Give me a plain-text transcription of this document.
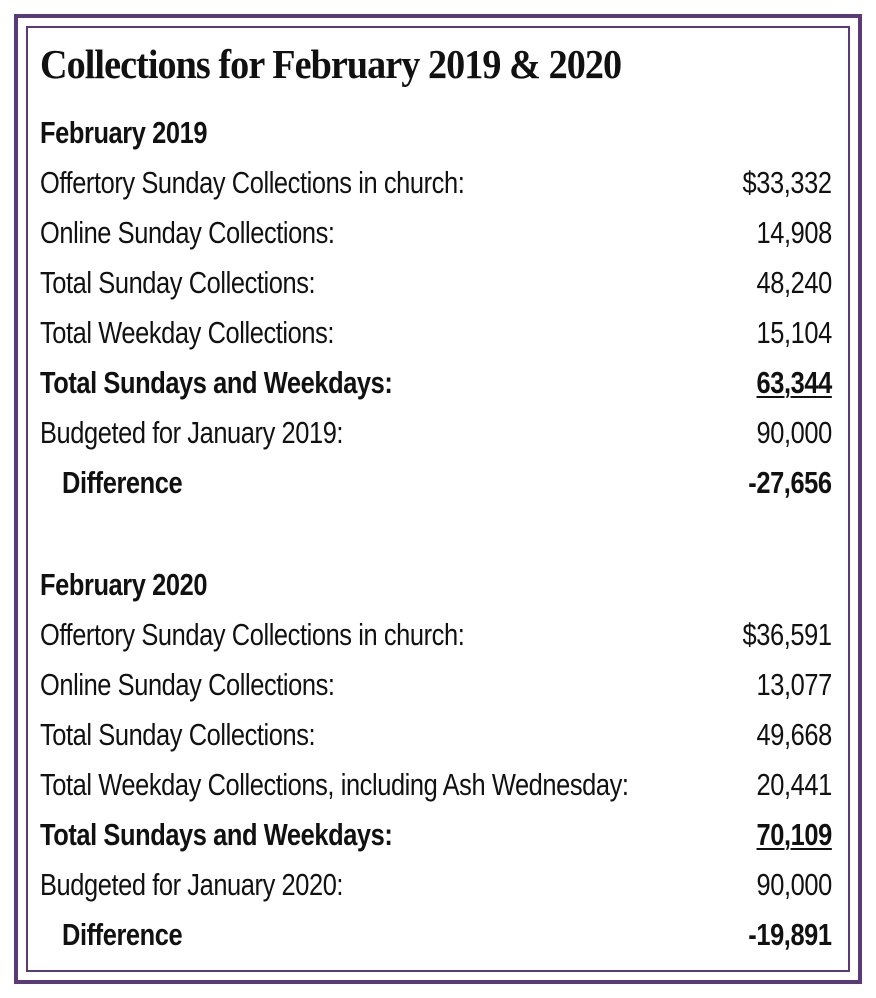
Collections for February 2019 & 2020
February 2019
Offertory Sunday Collections in church:	$33,332
Online Sunday Collections:	14,908
Total Sunday Collections:	48,240
Total Weekday Collections:	15,104
Total Sundays and Weekdays:	63,344
Budgeted for January 2019:	90,000
Difference	-27,656
February 2020
Offertory Sunday Collections in church:	$36,591
Online Sunday Collections:	13,077
Total Sunday Collections:	49,668
Total Weekday Collections, including Ash Wednesday:	20,441
Total Sundays and Weekdays:	70,109
Budgeted for January 2020:	90,000
Difference	-19,891
